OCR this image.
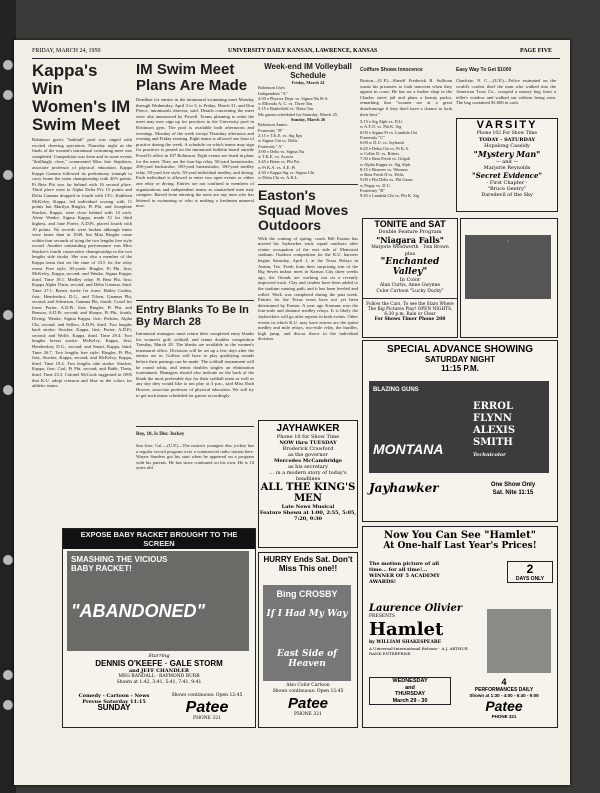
FRIDAY, MARCH 24, 1950	UNIVERSITY DAILY KANSAN, LAWRENCE, KANSAS	PAGE FIVE

Kappa's Win Women's IM Swim Meet

Robinson gym's "bathtub" pool was ringed with excited cheering spectators Thursday night as the finals of the women's intramural swimming meet was completed. Competition was keen and in some events "thrillingly close," commented Miss Joie Stapleton, associate professor of physical education. Kappa Kappa Gamma followed its preliminary triumph to carry home the team championship with 40½ points. Pi Beta Phi was far behind with 16 second place. Third place went to Alpha Delta Pi's 15 points and Delta Gamma dropped to fourth with 13½. Kathleen McKelvy, Kappa, led individual scoring with 11 points but Marilyn Ringler, Pi Phi, and Josephine Stucker, Kappa, were close behind with 14 each. Alene Wenke, Sigma Kappa, made 13 for third highest, and Jane Porter, A.D.Pi, placed fourth with 10 points. No records were broken although times were faster than in 1949, but Miss Ringler came within four seconds of tying the two lengths free style record. Another outstanding performance was Miss Stucker's fourth consecutive championship in the two lengths side stroke. She was also a member of the Kappa team that set the time of 33.5 for the relay event. Free style, 30-yards: Ringler, Pi Phi, first; McKelvy, Kappa, second; and Wenke, Sigma Kappa, third. Time 18.1. Medley relay: Pi Beta Phi, first; Kappa Alpha Theta, second; and Delta Gamma, third. Time 27.1. Breast stroke for form: Hailey Corbin, first; Hendershot, D.G., and Tilsen, Gamma Phi, second; and Schneson, Gamma Phi, fourth. Crawl for form: Porter, A.D.Pi, first; Ringler, Pi Phi, and Benson, A.D.Pi, second; and Sharpe, Pi Phi, fourth. Diving: Wenke, Sigma Kappa, first; Perkins, Alpha Chi, second; and Sellers, A.D.Pi, third. Two lengths back stroke: Stucker, Kappa, first; Porter, A.D.Pi, second; and Wolfe, Kappa, third. Time 29.4. Two lengths breast stroke: McKelvy, Kappa, first; Hendershot, D.G., second; and Smart, Kappa, third. Time 26.7. Two lengths free style: Ringler, Pi Phi, first; Stucker, Kappa, second; and McKelvy, Kappa, third. Time 18.4. Two lengths side stroke: Stucker, Kappa, first; Carl, Pi Phi, second; and Babb, Theta, third. Time 23.3. Colonel McCook suggested in 1895 that K.U. adopt crimson and blue as the colors for athletic teams.

IM Swim Meet Plans Are Made

Deadline for entries in the intramural swimming meet Monday through Wednesday, April 3 to 5, is Friday, March 31, and Don Pierce, intramurals director, said. Details concerning the meet were also announced by Powell. Teams planning to enter the meet may now sign up for practices in the University pool in Robinson gym. The pool is available both afternoons and evenings. Monday of the week except Thursday afternoon and evening and Friday evening. Eight teams is allowed one hour of practice during the week. A schedule on which teams may sign for practices is posted on the intramural bulletin board outside Powell's office in 107 Robinson. Eight events are listed in plans for the meet. They are the four-lap relay, 50-yard breaststroke, 200-yard backstroke, 100-yard breaststroke, 100-yard medley relay, 50-yard free style, 50-yard individual medley, and diving. Each individual is allowed to enter two open events or either one relay or diving. Entries are not confined to members of organizations and independent teams as unattached men may compete. Barred from entering the meet are any men who has lettered in swimming or who is making a freshman numeral now.

Entry Blanks To Be In By March 28

Intramural managers must return their completed entry blanks for women's golf, softball, and tennis doubles competition Tuesday, March 28. The blanks are available in the women's intramural office. Divisions will be set up a few days after the entries are in. Golfers will have to play qualifying rounds before their pairings can be made. The softball tournament will be round robin, and tennis doubles singles an elimination tournament. Managers should also indicate on the back of the blank the most preferable day for their softball team as well as any day they would like to not play at 4 p.m., said Miss Ruth Hoover, associate professor of physical education. We will try to get such teams scheduled for games accordingly.

Boy, 10, Is Disc Jockey

San Jose, Cal.—(U.P.)—The nation's youngest disc jockey has a regular record program over a commercial radio station here. Wayne Sanders got his start when he appeared on a program with his parents. He has since continued on his own. He is 10 years old.

Week-end IM Volleyball Schedule

Friday, March 24

Robinson Gym

Independent "A"

4:30 e Physics Dept. vs. Sigma Nu B-A

w Elltvado A. C. vs. Three Tau

5:15 e Battlefield vs. Theta Tau

Mo games scheduled for Saturday, March 25.

Sunday, March 26

Robinson Annex

Fraternity "B"

2:15 e T.K.E. vs. Sig Eps

w Sigma Chi vs. Delts

Fraternity "A"

3:00 e Delts vs. Sigma Nu

w T.K.E. vs. Acacia

3:45 e Betas vs. Phi Psi

w Pi K.A. vs. A.E. Pi

4:30 e Kappa Sig vs. Sigma Chi

w Delta Chi vs. A.K.L.

Easton's Squad Moves Outdoors

With the coming of spring, coach Bill Easton has moved his Jayhawker track squad outdoors after winter occupation of the east side of Memorial stadium. Outdoor competition for the K.U. harriers begins Saturday, April 1, at the Texas Relays in Austin, Tex. Fresh from their surprising win of the Big Seven indoor meet in Kansas City three weeks ago, the Oreads are working out on a recently improved track. Clay and cinders have been added to the stadium running path, and it has been leveled and rolled. Work was completed during the past week. Entries for the Texas event have not yet been determined by Easton. A year ago Kansans won the four-mile and distance medley relays. It is likely the Jayhawkers will go after repeats in both events. Other events in which K.U. may have entries are the sprint medley and mile relays, two-mile relay, the hurdles, high jump, and discus throw in the individual division.

Coiffure Shows Innocence

Boston—(U.P.)—Sheriff Frederick R. Sullivan wants his prisoners to look innocent when they appear in court. He has set a barber shop in the Charles street jail and plans a beauty parlor, remarking that "women are at a great disadvantage if they don't have a chance to look their best."

5:15 e Sig Alph vs. D.U.

w A.T.O. vs. Phi K. Sig

6:00 e Sigma Pi vs. Lambda Chi

Fraternity "C"

6:00 w D.U. vs. Jayhawk

6:45 e Delta Chi vs. Pi K.A.

w Cellar D. vs. Ritters

7:30 e Beta Fresh vs. Gilgoh

w Alpha Kappa vs. Sig Alph

8:15 e Beavers vs. Winners

w Beta Fresh II vs. Delts

9:00 e Phi Delts vs. Phi Gams

w Pegay vs. D.U.

Fraternity "B"

9:45 e Lambda Chi vs. Phi K. Sig

Easy Way To Get $1000

Charlotte, N. C.—(U.P.)—Police estimated on the world's coolest thief the man who walked into the American Trust Co., scooped a money bag from a teller's window and walked out without being seen. The bag contained $1,000 in cash.

VARSITY
Phone 102 For Show Time
TODAY - SATURDAY
Hopalong Cassidy
"Mystery Man"
— and —
Marjorie Reynolds
"Secret Evidence"
- First Chapter -
"Bruce Gentry"
Daredevil of the Sky
TONITE and SAT
Double Feature Program
"Niagara Falls"
Marjorie Woodworth · Tom Brown
plus
"Enchanted Valley"
In Color
Alan Curtis, Anne Gwynne
Color Cartoon "Lucky Ducky"
Follow the Cars, To see the Stars Where The Big Pictures Play! OPEN NIGHTS, 6:30 p.m. Rain or Clear
For Shows Timer Phone 208
·
SPECIAL ADVANCE SHOWING
SATURDAY NIGHT
11:15 P.M.
BLAZING GUNS
MONTANA
ERROL FLYNN
ALEXIS SMITH
Technicolor
Jayhawker	One Show Only
Sat. Nite 11:15
JAYHAWKER
Phone 10 for Show Time
NOW thru TUESDAY
Broderick Crawford
as the governor
Mercedes McCambridge
as his secretary
... in a modern story of today's headlines
ALL THE KING'S MEN
Late News Musical
Feature Shown at 1:00, 2:55, 5:05, 7:20, 9:30
EXPOSE BABY RACKET BROUGHT TO THE SCREEN
SMASHING THE VICIOUS BABY RACKET!
"ABANDONED"
Starring
DENNIS O'KEEFE · GALE STORM
and JEFF CHANDLER
MEG RANDALL · RAYMOND BURR
Shown at 1:42, 3:41, 5:41, 7:41, 9:41
Comedy - Cartoon - News
Prevue Saturday 11:15
SUNDAY
Shows continuous: Open 12:45
Patee
PHONE 321
HURRY Ends Sat. Don't Miss This one!!
Bing CROSBY
If I Had My Way
East Side of Heaven
Also Color Cartoon
Shows continuous: Open 12:45
Patee
PHONE 321
Now You Can See "Hamlet"
At One-half Last Year's Prices!
The motion picture of all time... for all time!... WINNER OF 5 ACADEMY AWARDS!
2
DAYS ONLY
Laurence Olivier
PRESENTS
Hamlet
by WILLIAM SHAKESPEARE
A Universal-International Release · A J. ARTHUR RANK ENTERPRISE
WEDNESDAY
and
THURSDAY
March 29 - 30
4
PERFORMANCES DAILY
Shown at 1:30 - 4:00 - 6:40 - 9:05
Patee
PHONE 321
